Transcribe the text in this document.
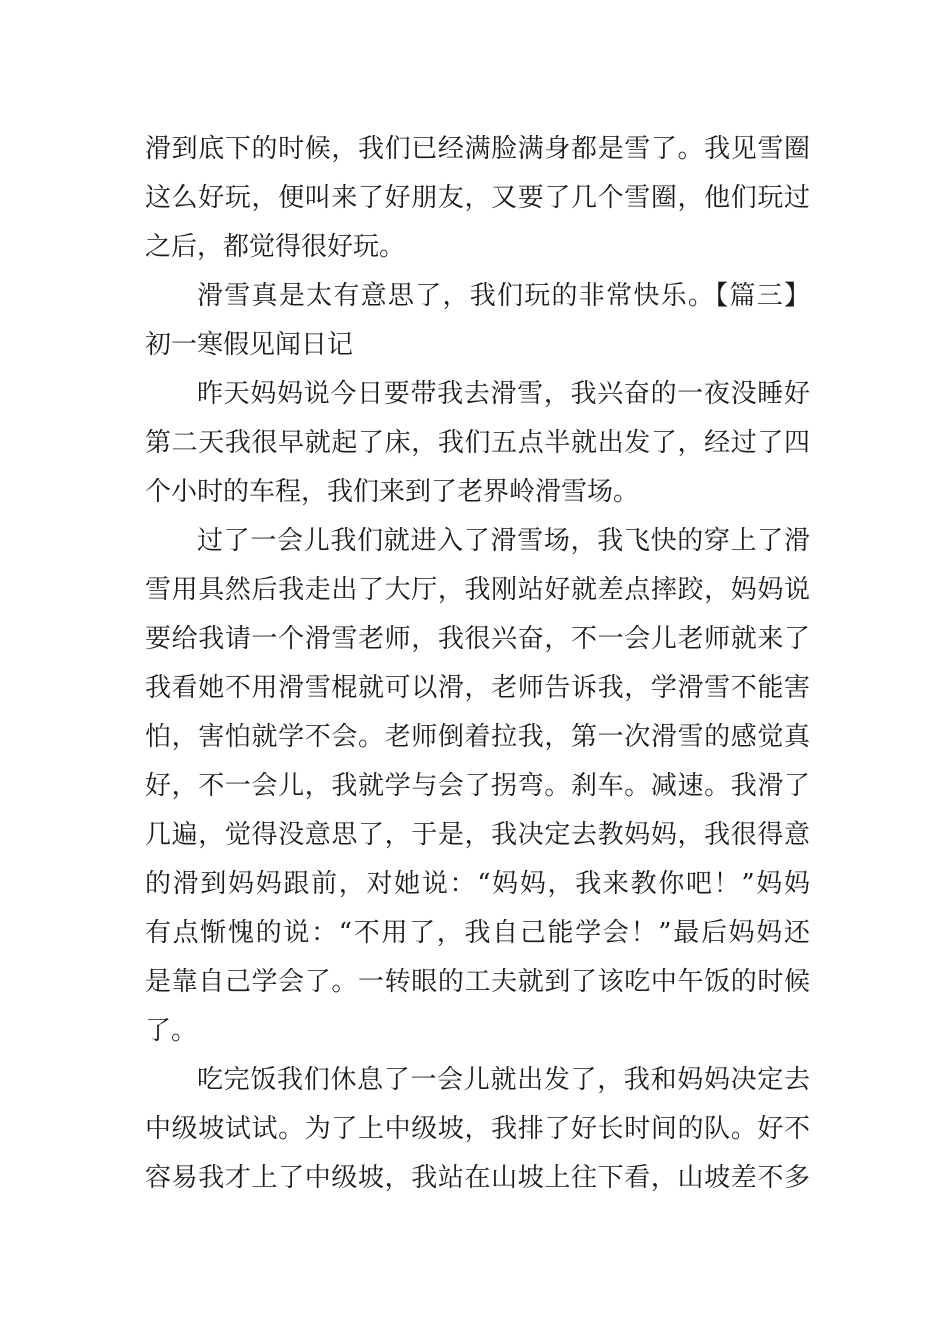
滑到底下的时候，我们已经满脸满身都是雪了。我见雪圈
这么好玩，便叫来了好朋友，又要了几个雪圈，他们玩过
之后，都觉得很好玩。
滑雪真是太有意思了，我们玩的非常快乐。【篇三】
初一寒假见闻日记
昨天妈妈说今日要带我去滑雪，我兴奋的一夜没睡好
第二天我很早就起了床，我们五点半就出发了，经过了四
个小时的车程，我们来到了老界岭滑雪场。
过了一会儿我们就进入了滑雪场，我飞快的穿上了滑
雪用具然后我走出了大厅，我刚站好就差点摔跤，妈妈说
要给我请一个滑雪老师，我很兴奋，不一会儿老师就来了
我看她不用滑雪棍就可以滑，老师告诉我，学滑雪不能害
怕，害怕就学不会。老师倒着拉我，第一次滑雪的感觉真
好，不一会儿，我就学与会了拐弯。刹车。减速。我滑了
几遍，觉得没意思了，于是，我决定去教妈妈，我很得意
的滑到妈妈跟前，对她说：“妈妈，我来教你吧！”妈妈
有点惭愧的说：“不用了，我自己能学会！”最后妈妈还
是靠自己学会了。一转眼的工夫就到了该吃中午饭的时候
了。
吃完饭我们休息了一会儿就出发了，我和妈妈决定去
中级坡试试。为了上中级坡，我排了好长时间的队。好不
容易我才上了中级坡，我站在山坡上往下看，山坡差不多
